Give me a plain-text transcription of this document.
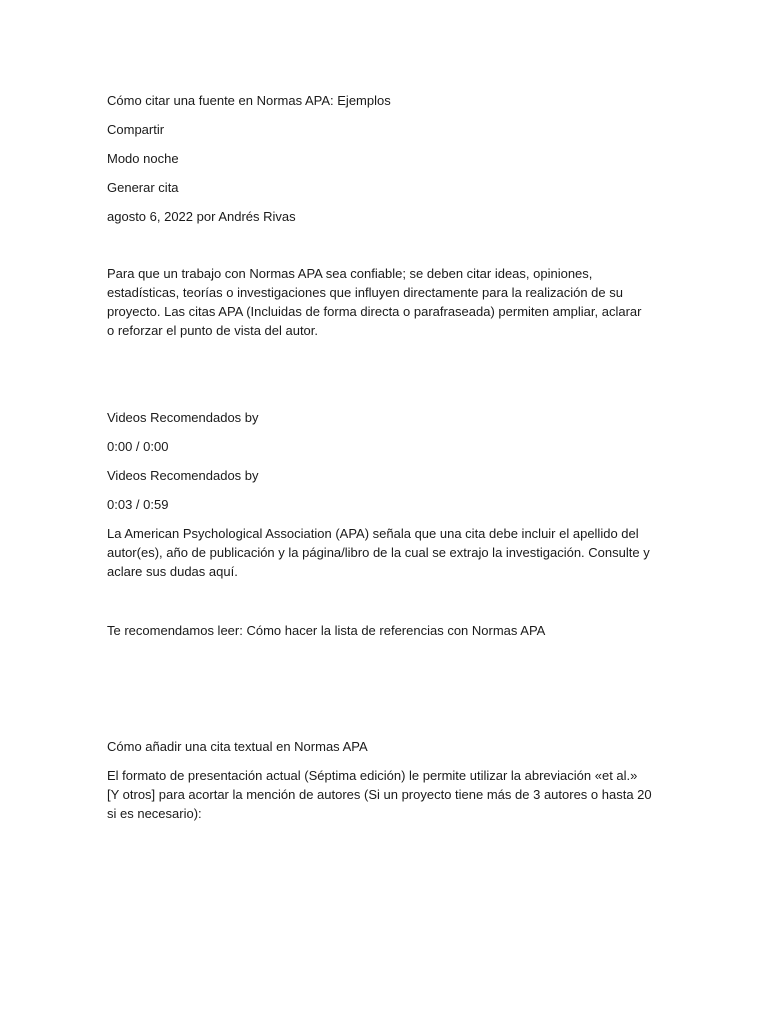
Cómo citar una fuente en Normas APA: Ejemplos

Compartir

Modo noche

Generar cita

agosto 6, 2022 por Andrés Rivas

Para que un trabajo con Normas APA sea confiable; se deben citar ideas, opiniones, estadísticas, teorías o investigaciones que influyen directamente para la realización de su proyecto. Las citas APA (Incluidas de forma directa o parafraseada) permiten ampliar, aclarar o reforzar el punto de vista del autor.

Videos Recomendados by

0:00 / 0:00

Videos Recomendados by

0:03 / 0:59

La American Psychological Association (APA) señala que una cita debe incluir el apellido del autor(es), año de publicación y la página/libro de la cual se extrajo la investigación. Consulte y aclare sus dudas aquí.

Te recomendamos leer: Cómo hacer la lista de referencias con Normas APA

Cómo añadir una cita textual en Normas APA

El formato de presentación actual (Séptima edición) le permite utilizar la abreviación «et al.» [Y otros] para acortar la mención de autores (Si un proyecto tiene más de 3 autores o hasta 20 si es necesario):
